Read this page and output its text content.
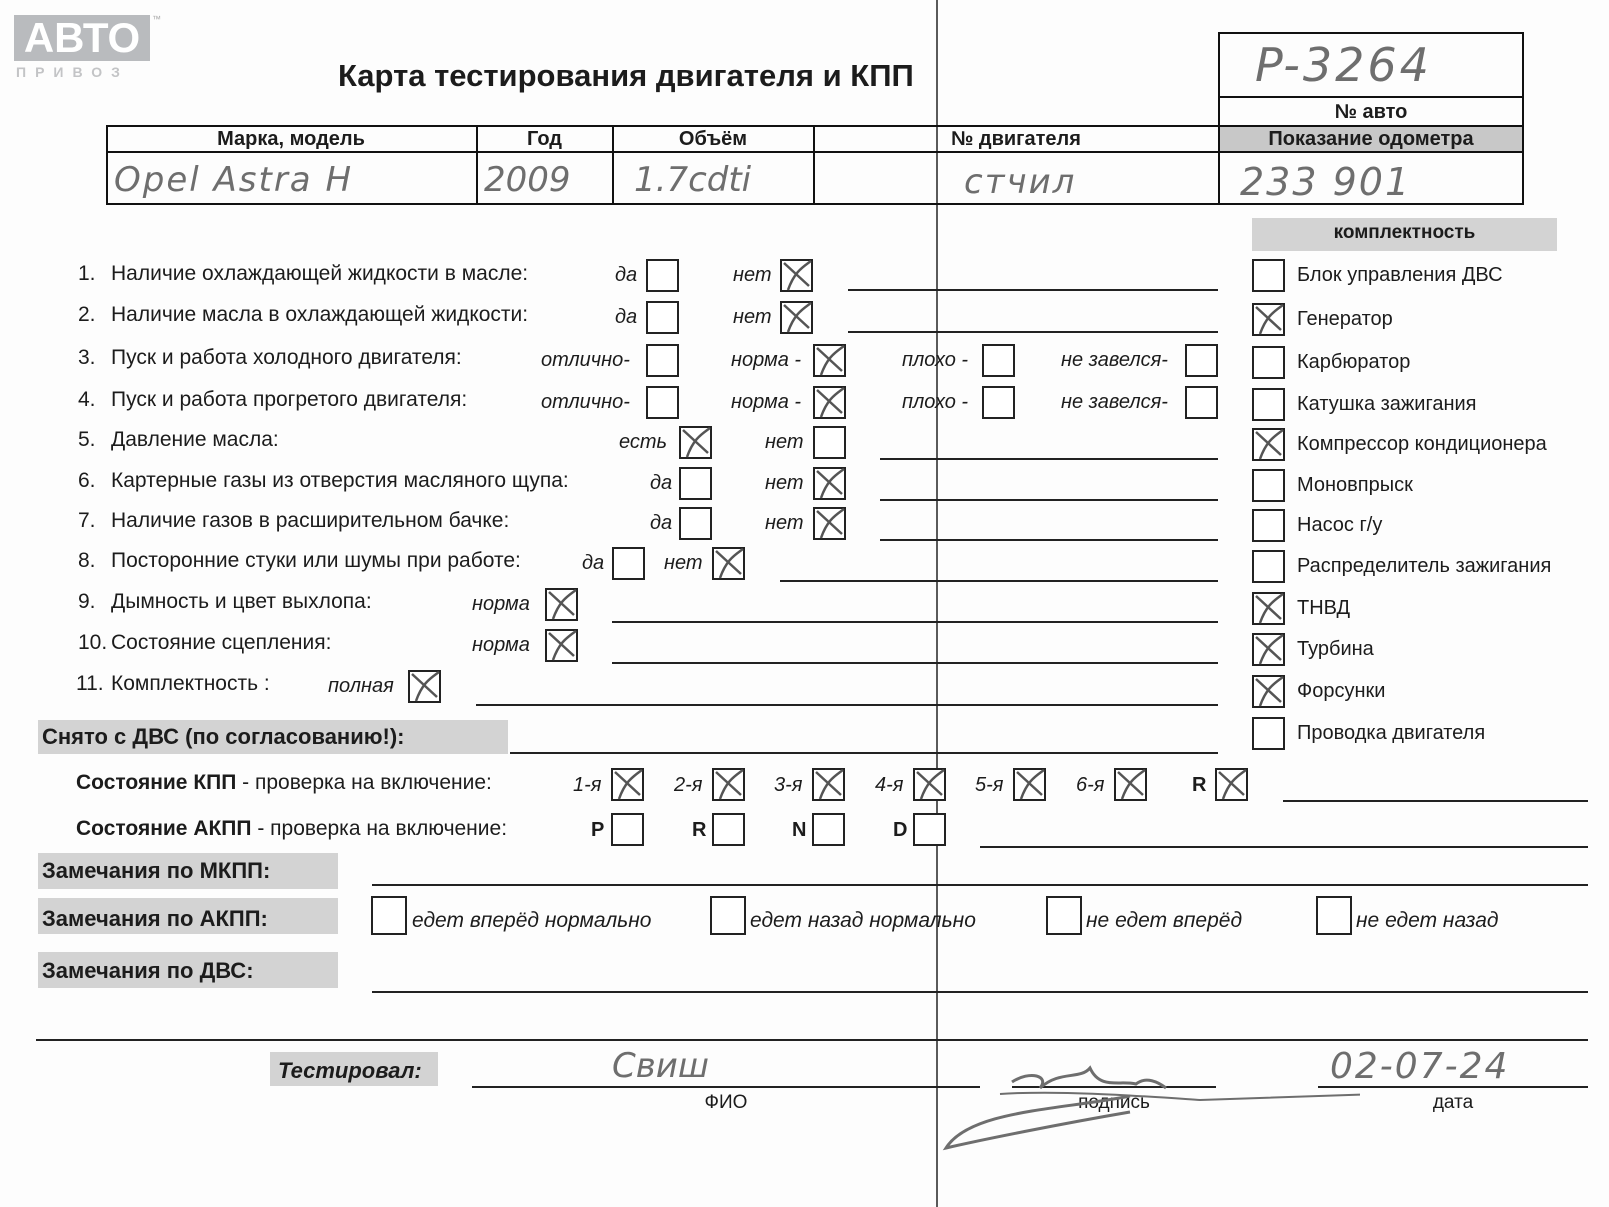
АВТО
ПРИВОЗ
™
Карта тестирования двигателя и КПП	P-3264
№ авто
Марка, модель	Год	Объём	№ двигателя	Показание одометра
Opel Astra H	2009 1.7cdti	стчил	233 901
комплектность
1. Наличие охлаждающей жидкости в масле:	да	нет
2. Наличие масла в охлаждающей жидкости:	да	нет
3. Пуск и работа холодного двигателя:	отлично-	норма -	плохо -	не завелся-
4. Пуск и работа прогретого двигателя:	отлично-	норма -	плохо -	не завелся-
5. Давление масла:	есть	нет
6. Картерные газы из отверстия масляного щупа:	да	нет
7. Наличие газов в расширительном бачке:	да	нет
8. Посторонние стуки или шумы при работе:	да	нет
9. Дымность и цвет выхлопа:	норма
10. Состояние сцепления:	норма
11. Комплектность :	полная
Блок управления ДВС
Генератор
Карбюратор
Катушка зажигания
Компрессор кондиционера
Моновпрыск
Насос г/у
Распределитель зажигания
ТНВД
Турбина
Форсунки
Проводка двигателя
Снято с ДВС (по согласованию!):
Состояние КПП - проверка на включение:	1-я	2-я	3-я	4-я	5-я	6-я	R
Состояние АКПП - проверка на включение:	P	R	N	D
Замечания по МКПП:
Замечания по АКПП:	едет вперёд нормально	едет назад нормально	не едет вперёд	не едет назад
Замечания по ДВС:
Тестировал:	Свиш
ФИО	подпись
02-07-24
дата
